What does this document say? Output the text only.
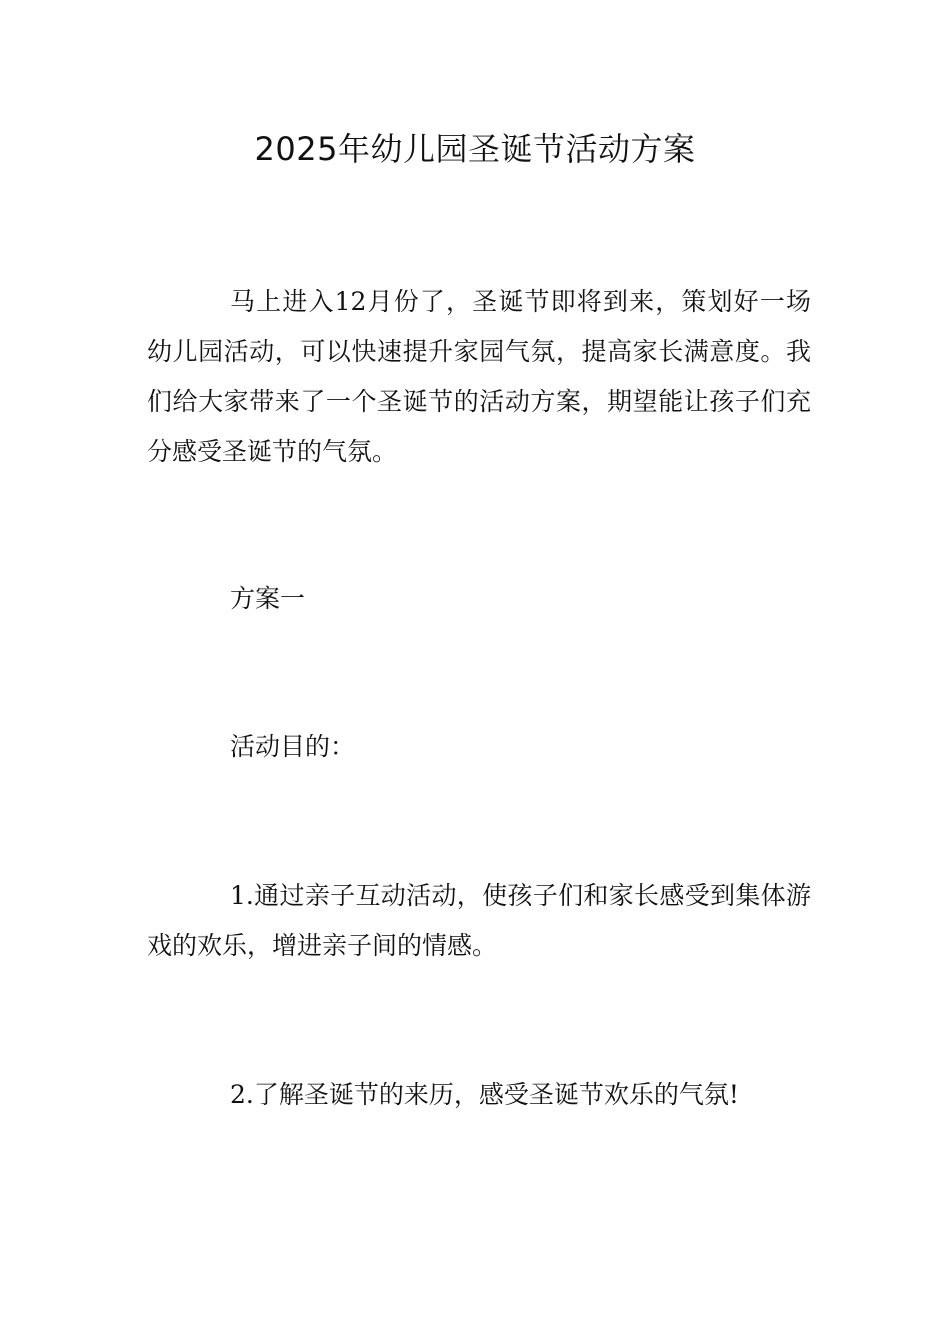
2025年幼儿园圣诞节活动方案

马上进入12月份了，圣诞节即将到来，策划好一场幼儿园活动，可以快速提升家园气氛，提高家长满意度。我们给大家带来了一个圣诞节的活动方案，期望能让孩子们充分感受圣诞节的气氛。

方案一

活动目的：

1.通过亲子互动活动，使孩子们和家长感受到集体游戏的欢乐，增进亲子间的情感。

2.了解圣诞节的来历，感受圣诞节欢乐的气氛!
